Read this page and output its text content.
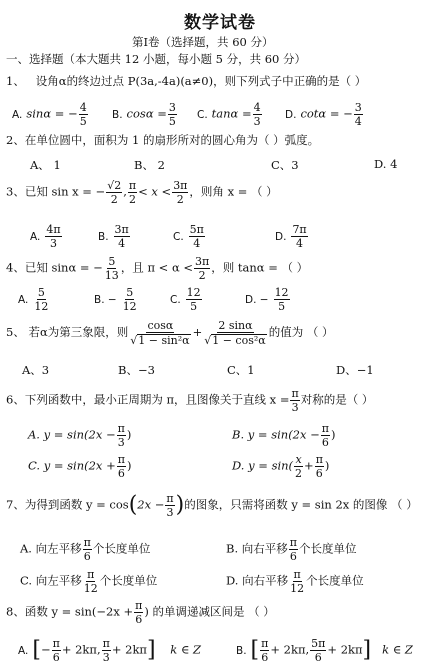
数学试卷
第Ⅰ卷（选择题，共 60 分）
一、选择题（本大题共 12 小题，每小题 5 分，共 60 分）
1、 设角α的终边过点 P(3a,-4a)(a≠0)，则下列式子中正确的是（ ）
A. sinα = − $\frac{4}{5} B$. $\cos\alpha = \frac{3}{5} C$. $\tan\alpha = \frac{4}{3} D$. cotα = − $\frac{3}{4}$
2、在单位圆中，面积为 1 的扇形所对的圆心角为（ ）弧度。
A、 1	B、 2	C、3	D. 4
3、已知 sin x = − $\frac{√2}{2}$ , $\frac{\pi}{2} < x < \frac{3\pi}{2}$ ，则角 x = （ ）
A. $\frac{4\pi}{3}$	B. $\frac{3\pi}{4}$	C. $\frac{5\pi}{4}$	D. $\frac{7\pi}{4}$
4、已知 sinα = − $\frac{5}{13}$ ，且 $\pi < \alpha < \frac{3\pi}{2}$ ，则 tanα = （ ）
A. $\frac{5}{12}$	B. − $\frac{5}{12}$	C. $\frac{12}{5}$	D. − $\frac{12}{5}$
5、 若α为第三象限，则 $\frac{\cos\alpha}{\text{√1 − sin²α}} + \frac{2 \sin\alpha}{\text{√1 − cos²α}}$ 的值为 （ ）
A、3	B、−3	C、1	D、−1
6、下列函数中，最小正周期为 π，且图像关于直线 $x = \frac{\pi}{3}$ 对称的是（ ）
A. $y = \sin(2x - \frac{\pi}{3}$ )	B. $y = \sin(2x - \frac{\pi}{6}$ )
C. $y = \sin(2x + \frac{\pi}{6}$ )	D. $y = \sin( \frac{x}{2} + \frac{\pi}{6}$ )
7、为得到函数 $y = \cos(2x - \frac{\pi}{3}$ )的图象，只需将函数 y = sin 2x 的图像 （ ）
A. 向左平移 $\frac{\pi}{6}$ 个长度单位	B. 向右平移 $\frac{\pi}{6}$ 个长度单位
C. 向左平移 $\frac{\pi}{12}$ 个长度单位	D. 向右平移 $\frac{\pi}{12}$ 个长度单位
8、函数 $y = \sin(-2x + \frac{\pi}{6}$ ) 的单调递减区间是 （ ）
A. [− $\frac{\pi}{6} + 2k\pi$, $\frac{\pi}{3} + 2k\pi$] k ∈ Z	B. [ $\frac{\pi}{6} + 2k\pi$, $\frac{5\pi}{6} + 2k\pi$] k ∈ Z
